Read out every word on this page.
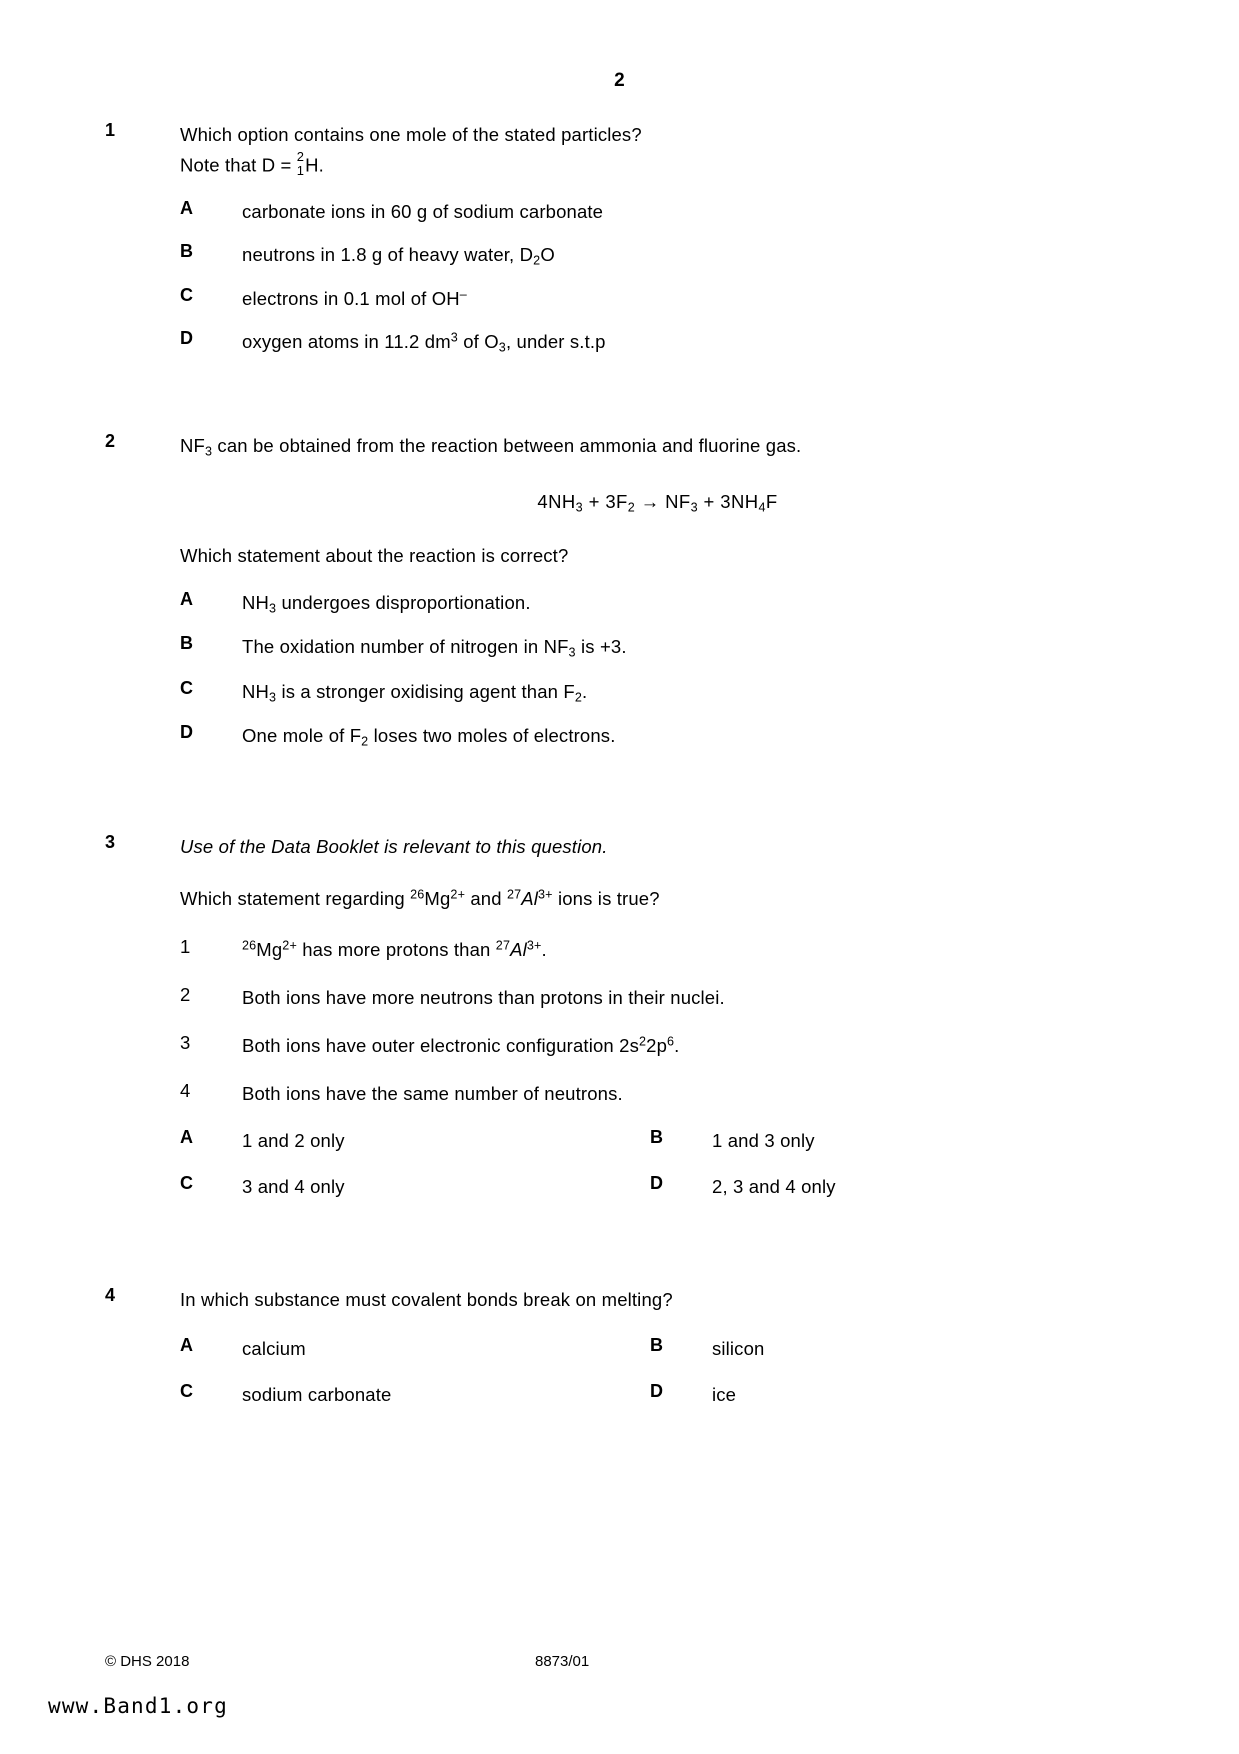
2
1	Which option contains one mole of the stated particles?
Note that D = 2
1 H.
A	carbonate ions in 60 g of sodium carbonate
B	neutrons in 1.8 g of heavy water, $D_2O$
C	electrons in 0.1 mol of OH–
D	oxygen atoms in 11.2 $dm^3$ of $O_3$, under s.t.p
2	$NF_3$ can be obtained from the reaction between ammonia and fluorine gas.
$4NH_3 + 3F_2 \to NF_3 + 3NH_4F$
Which statement about the reaction is correct?
A	$NH_3$ undergoes disproportionation.
B	The oxidation number of nitrogen in $NF_3$ is +3.
C	$NH_3$ is a stronger oxidising agent than $F_2$.
D	One mole of $F_2$ loses two moles of electrons.
3	Use of the Data Booklet is relevant to this question.
Which statement regarding $^{26}Mg^{2+}$ and $^{27}Al^{3+}$ ions is true?
1	$^{26}Mg^{2+}$ has more protons than $^{27}Al^{3+}$.
2	Both ions have more neutrons than protons in their nuclei.
3	Both ions have outer electronic configuration $2s^22p^6$.
4	Both ions have the same number of neutrons.
A	1 and 2 only	B	1 and 3 only
C	3 and 4 only	D	2, 3 and 4 only
4	In which substance must covalent bonds break on melting?
A	calcium	B	silicon
C	sodium carbonate	D	ice
© DHS 2018	8873/01
www.Band1.org
